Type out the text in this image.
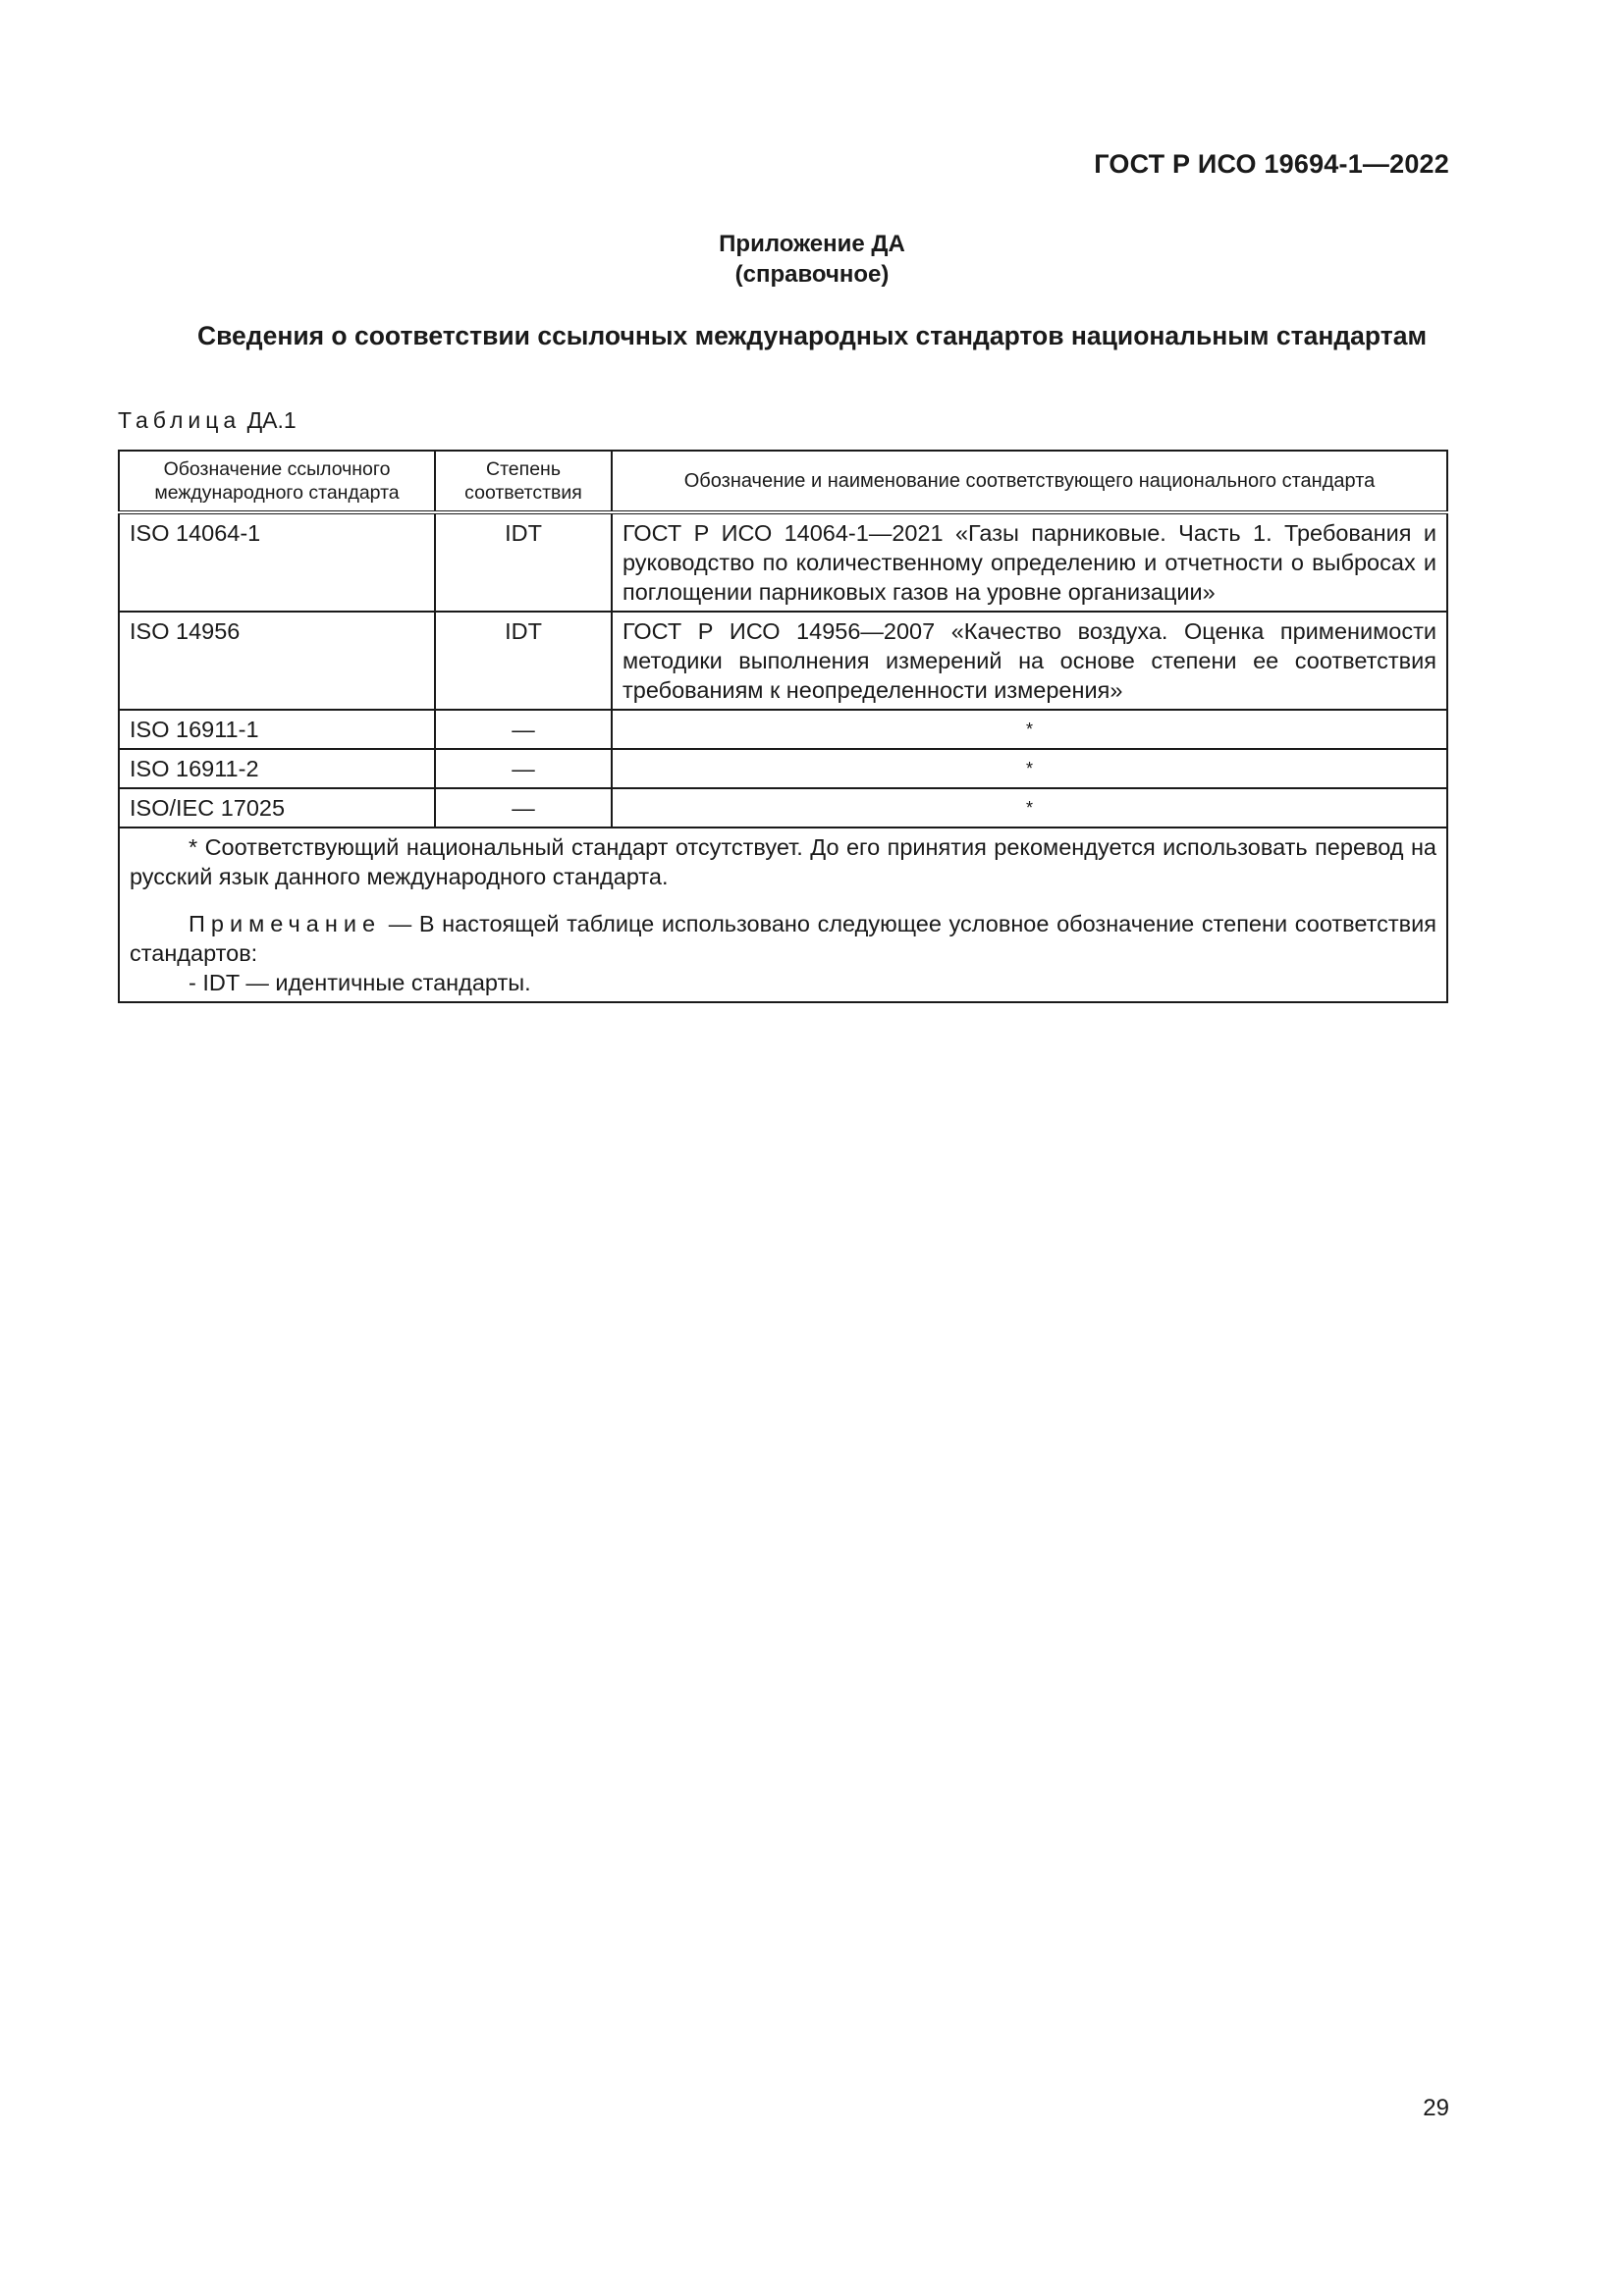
ГОСТ Р ИСО 19694-1—2022
Приложение ДА
(справочное)
Сведения о соответствии ссылочных международных стандартов национальным стандартам
Таблица ДА.1
Обозначение ссылочного международного стандарта	Степень соответствия	Обозначение и наименование соответствующего национального стандарта
ISO 14064-1	IDT	ГОСТ Р ИСО 14064-1—2021 «Газы парниковые. Часть 1. Требования и руководство по количественному определению и отчетности о выбросах и поглощении парниковых газов на уровне организации»
ISO 14956	IDT	ГОСТ Р ИСО 14956—2007 «Качество воздуха. Оценка применимости методики выполнения измерений на основе степени ее соответствия требованиям к неопределенности измерения»
ISO 16911-1	—	*
ISO 16911-2	—	*
ISO/IEC 17025	—	*

* Соответствующий национальный стандарт отсутствует. До его принятия рекомендуется использовать перевод на русский язык данного международного стандарта.

Примечание — В настоящей таблице использовано следующее условное обозначение степени соответствия стандартов:

- IDT — идентичные стандарты.		

29
